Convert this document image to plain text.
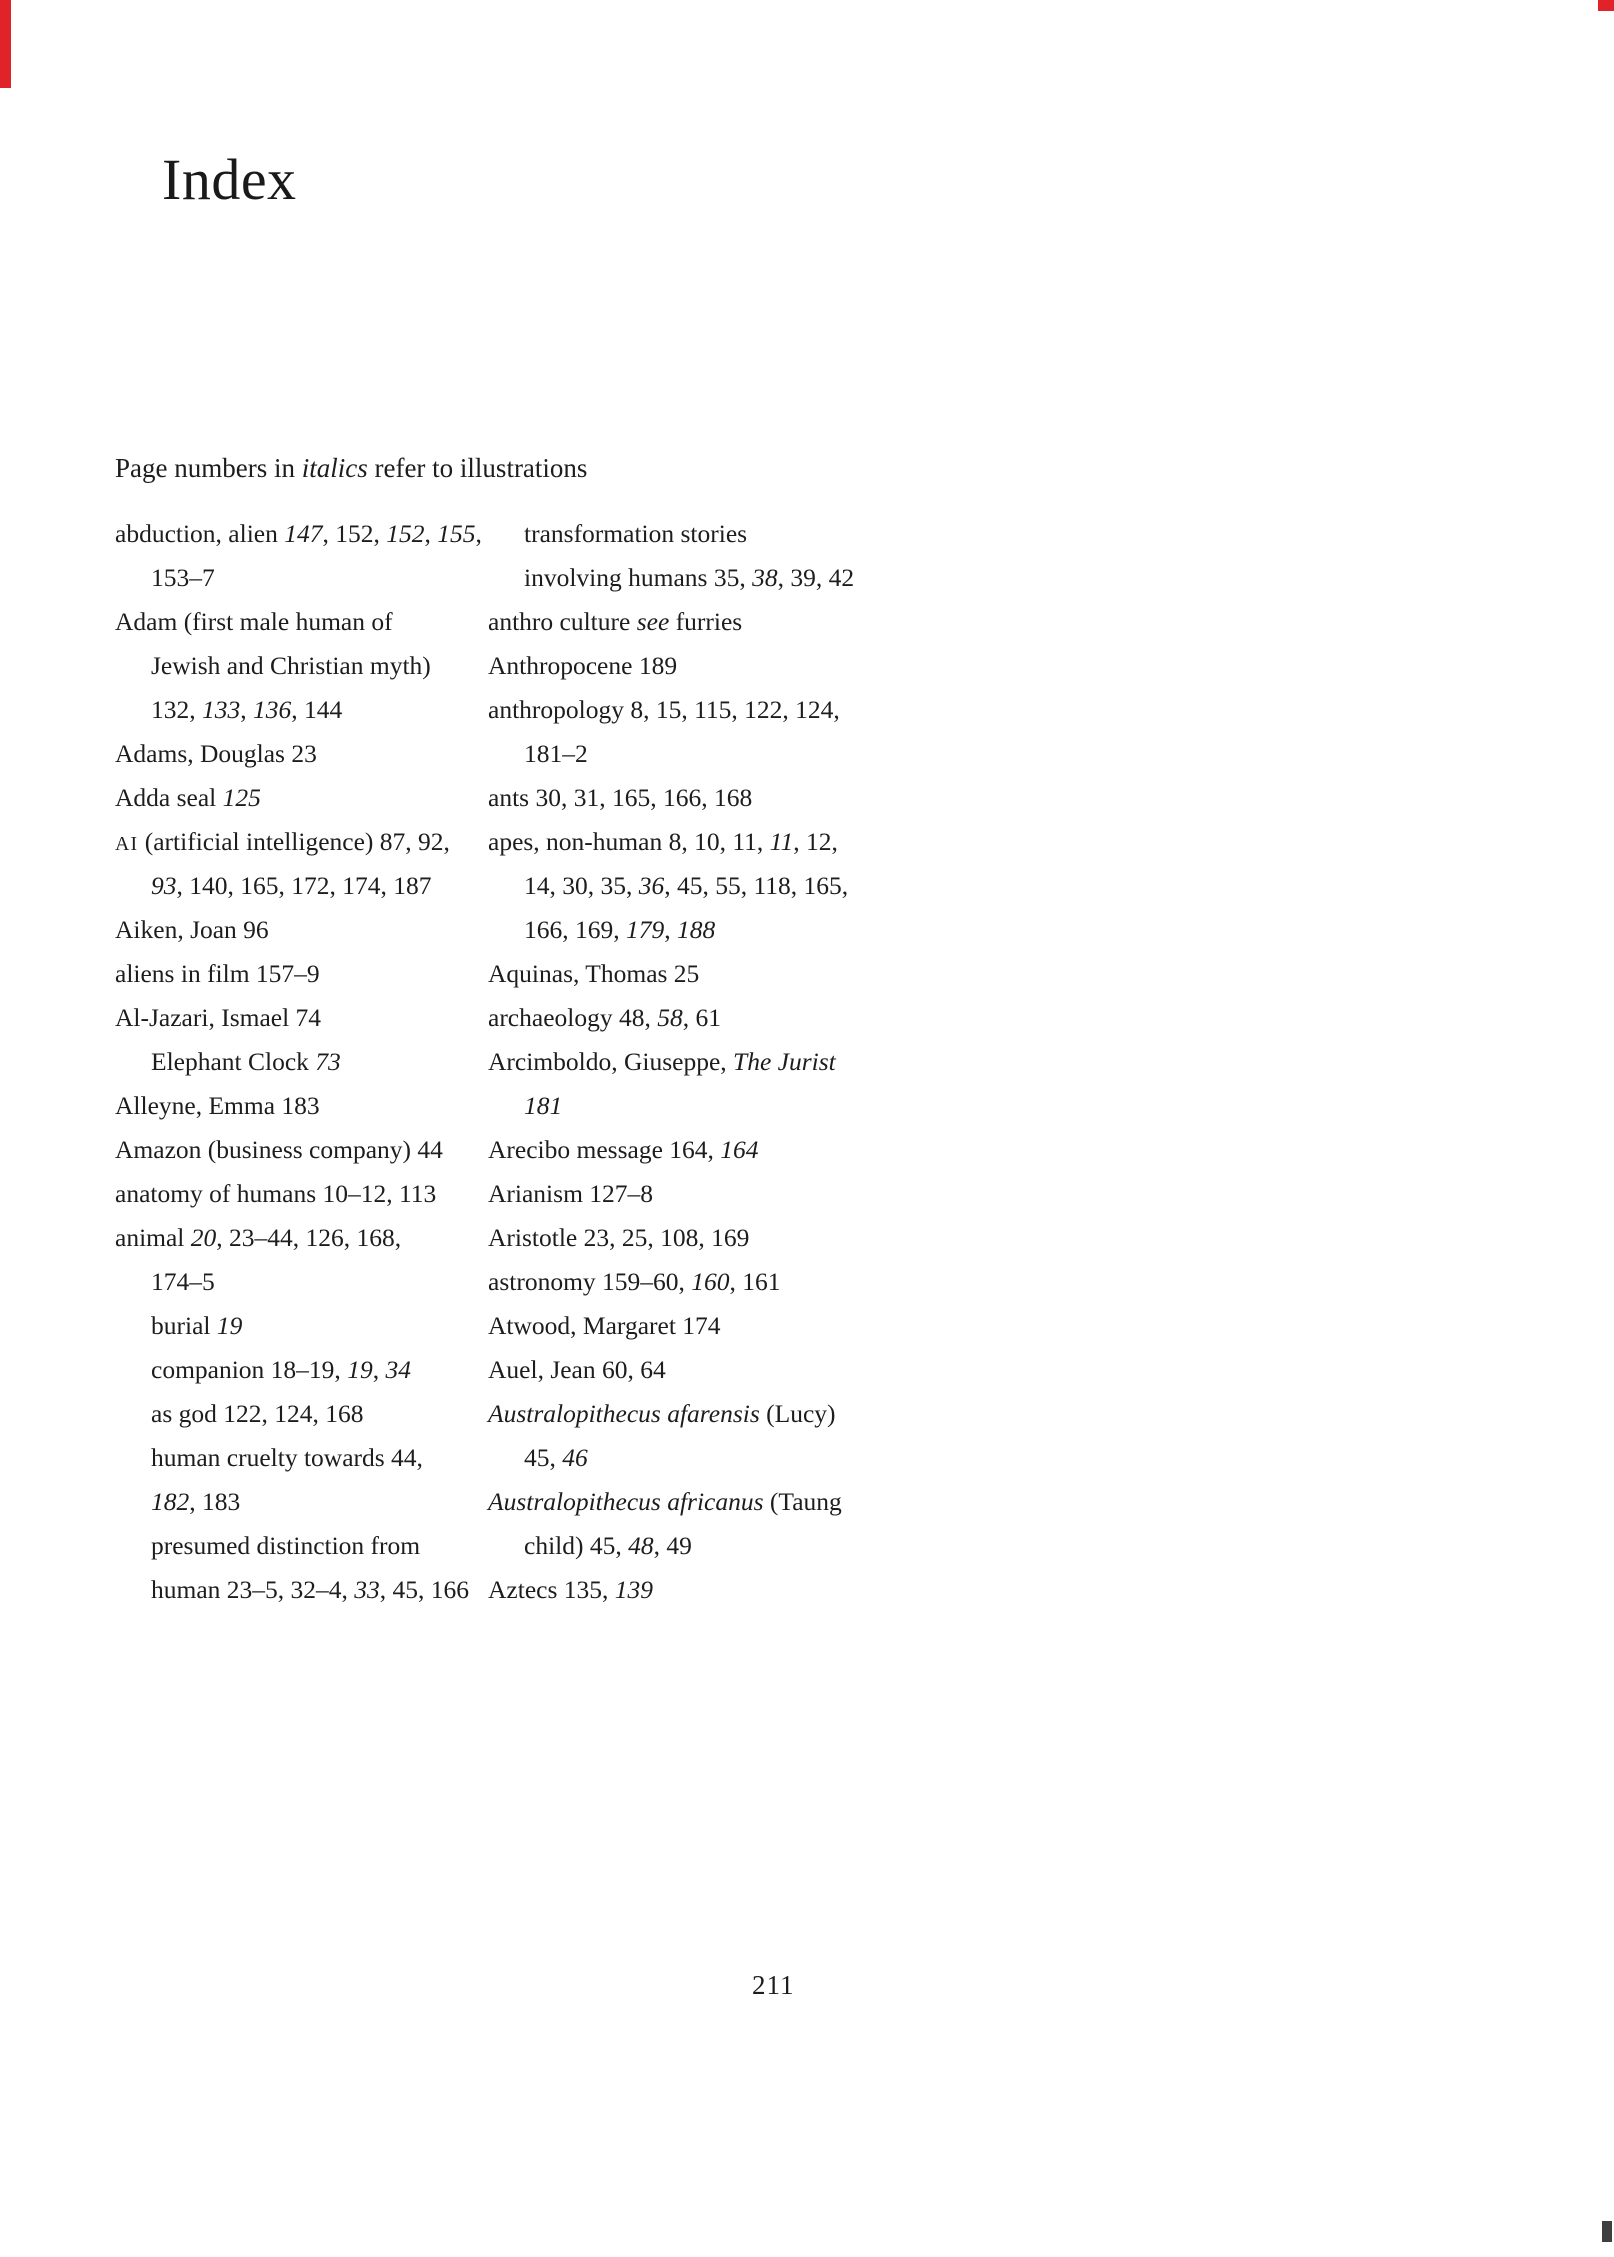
Index
Page numbers in italics refer to illustrations
abduction, alien 147, 152, 152, 155,
153–7
Adam (first male human of
Jewish and Christian myth)
132, 133, 136, 144
Adams, Douglas 23
Adda seal 125
AI (artificial intelligence) 87, 92,
93, 140, 165, 172, 174, 187
Aiken, Joan 96
aliens in film 157–9
Al-Jazari, Ismael 74
Elephant Clock 73
Alleyne, Emma 183
Amazon (business company) 44
anatomy of humans 10–12, 113
animal 20, 23–44, 126, 168,
174–5
burial 19
companion 18–19, 19, 34
as god 122, 124, 168
human cruelty towards 44,
182, 183
presumed distinction from
human 23–5, 32–4, 33, 45, 166
transformation stories
involving humans 35, 38, 39, 42
anthro culture see furries
Anthropocene 189
anthropology 8, 15, 115, 122, 124,
181–2
ants 30, 31, 165, 166, 168
apes, non-human 8, 10, 11, 11, 12,
14, 30, 35, 36, 45, 55, 118, 165,
166, 169, 179, 188
Aquinas, Thomas 25
archaeology 48, 58, 61
Arcimboldo, Giuseppe, The Jurist
181
Arecibo message 164, 164
Arianism 127–8
Aristotle 23, 25, 108, 169
astronomy 159–60, 160, 161
Atwood, Margaret 174
Auel, Jean 60, 64
Australopithecus afarensis (Lucy)
45, 46
Australopithecus africanus (Taung
child) 45, 48, 49
Aztecs 135, 139
211
